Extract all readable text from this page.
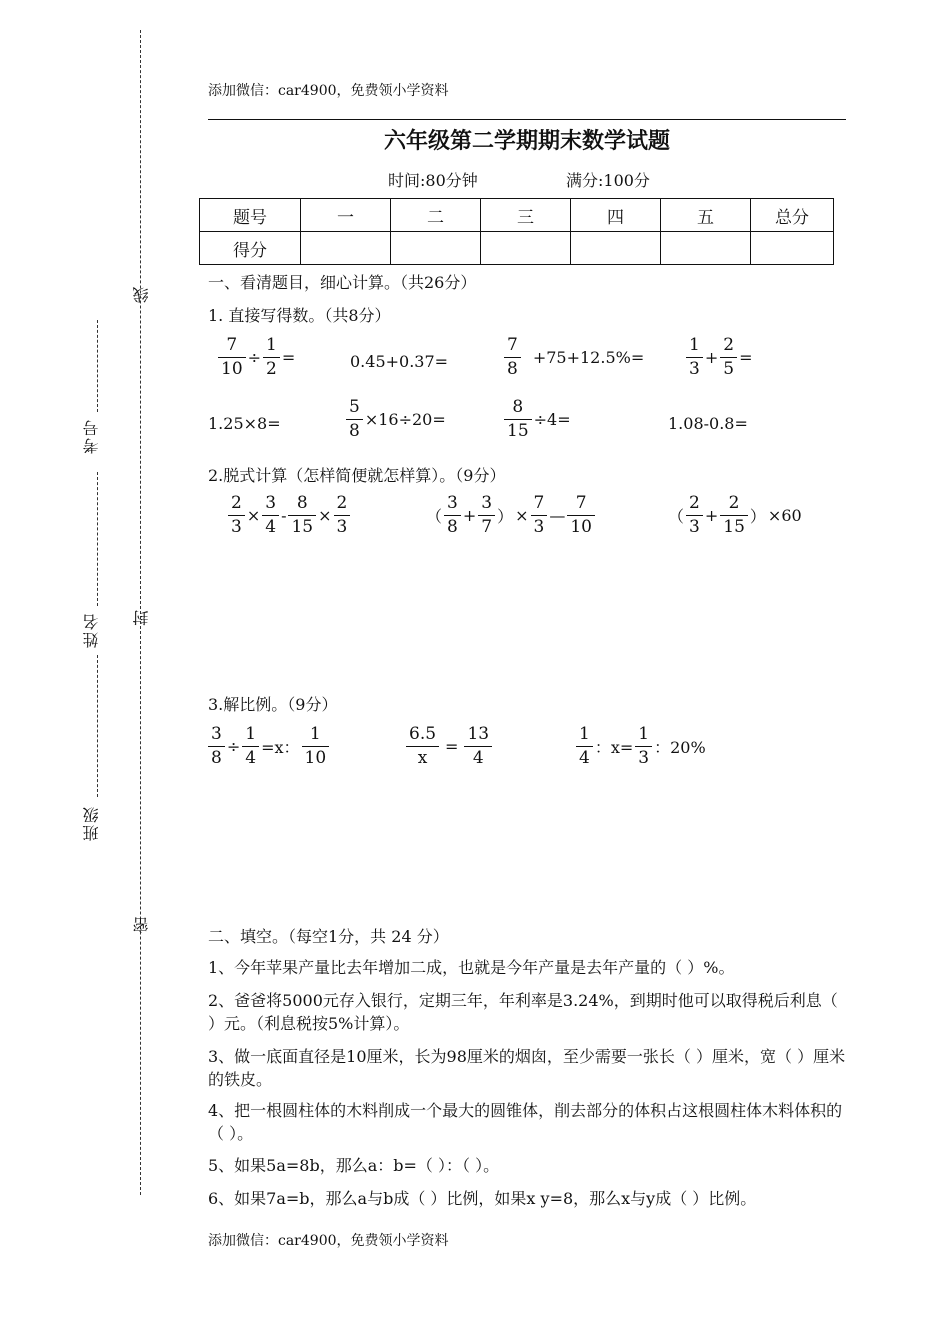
线
封
密
考号
姓名
班级
添加微信：car4900，免费领小学资料
六年级第二学期期末数学试题
时间:80分钟	满分:100分
题号	一	二	三	四	五	总分
得分						
一、看清题目，细心计算。（共26分）
1. 直接写得数。（共8分）
$\frac{7}{10} \div \frac{1}{2}$ =	0.45+0.37=	$\frac{7}{8} +75+12.5\%= \frac{1}{3} + \frac{2}{5}$ =
1.25×8=	$\frac{5}{8} \times 16\div 20=$	$\frac{8}{15} \div 4=$	1.08-0.8=
2.脱式计算（怎样简便就怎样算）。（9分）
$\frac{2}{3} \times \frac{3}{4} - \frac{8}{15} \times \frac{2}{3}$	（ $\frac{3}{8} + \frac{3}{7}$ ） × $\frac{7}{3}$ — $\frac{7}{10}$	（ $\frac{2}{3} + \frac{2}{15}$ ） ×60
3.解比例。（9分）
$\frac{3}{8} \div \frac{1}{4} =x$： $\frac{1}{10}$	$\frac{6.5}{x} = \frac{13}{4}$	$\frac{1}{4}$ ：$x= \frac{1}{3}$ ：20%
二、填空。（每空1分，共 24 分）
1、今年苹果产量比去年增加二成，也就是今年产量是去年产量的（ ）%。
2、爸爸将5000元存入银行，定期三年，年利率是3.24%，到期时他可以取得税后利息（ ）元。（利息税按5%计算）。
3、做一底面直径是10厘米，长为98厘米的烟囱，至少需要一张长（ ）厘米，宽（ ）厘米的铁皮。
4、把一根圆柱体的木料削成一个最大的圆锥体，削去部分的体积占这根圆柱体木料体积的（ ）。
5、如果5a=8b，那么a：b=（ ）：（ ）。
6、如果7a=b，那么a与b成（ ）比例，如果x y=8，那么x与y成（ ）比例。
添加微信：car4900，免费领小学资料
